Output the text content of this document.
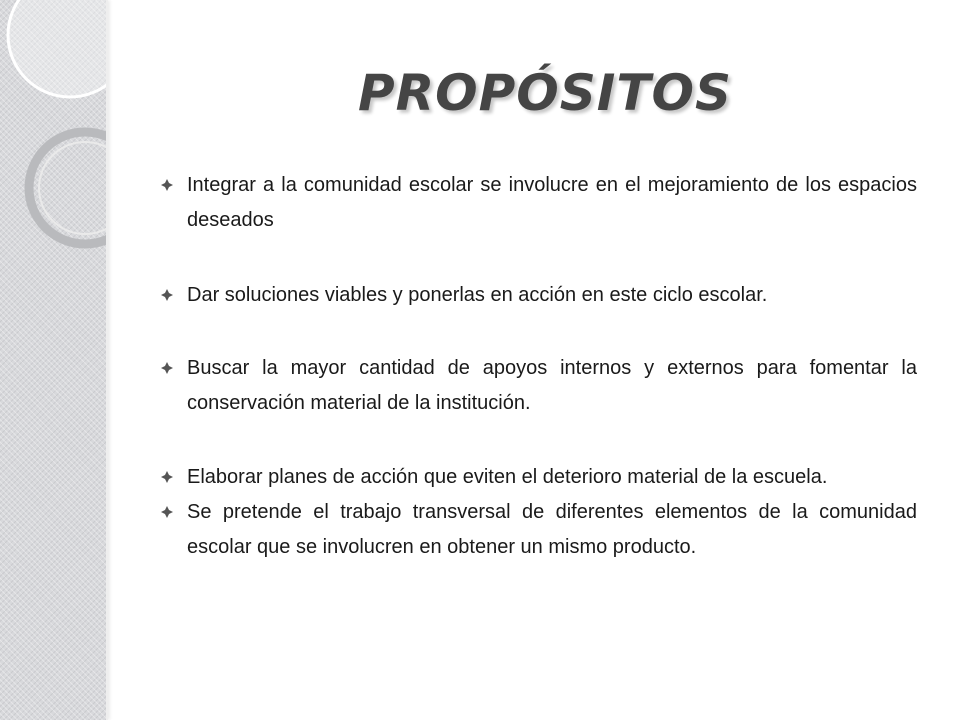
PROPÓSITOS
Integrar a la comunidad escolar se involucre en el mejoramiento de los espacios deseados
Dar soluciones viables y ponerlas en acción en este ciclo escolar.
Buscar la mayor cantidad de apoyos internos y externos para fomentar la conservación material de la institución.
Elaborar planes de acción que eviten el deterioro material de la escuela.
Se pretende el trabajo transversal de diferentes elementos de la comunidad escolar que se involucren en obtener un mismo producto.
